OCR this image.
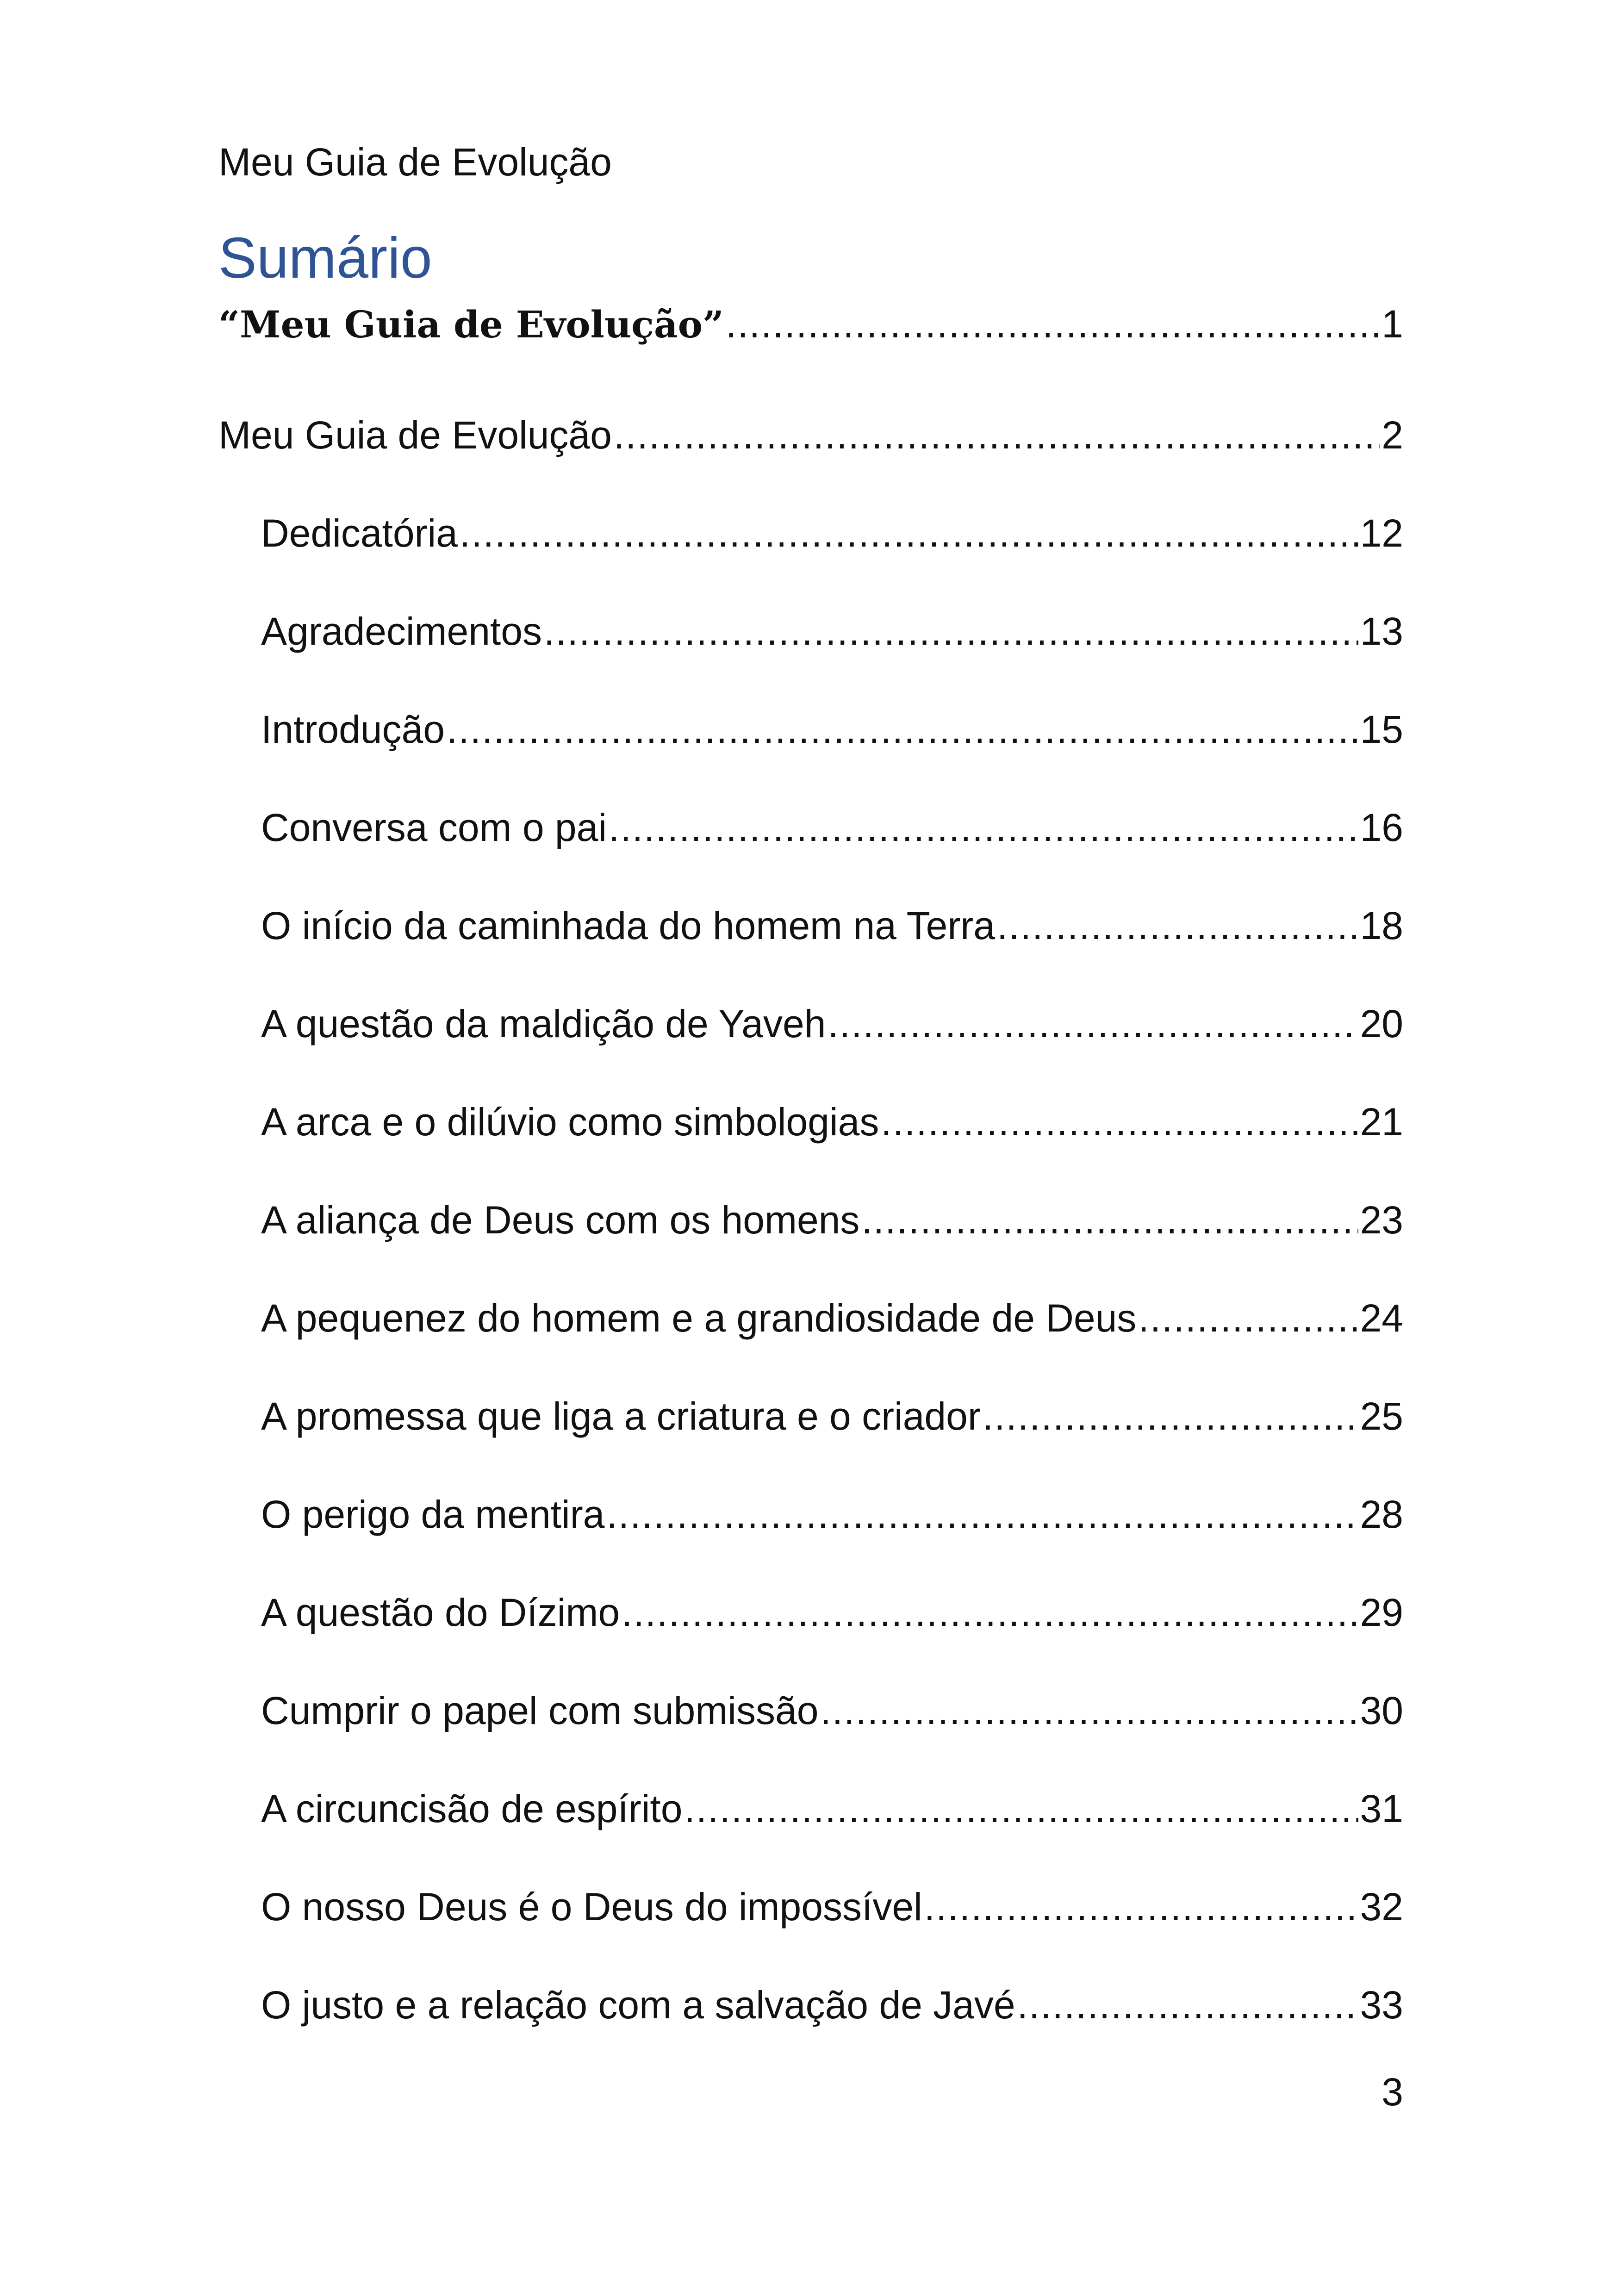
Meu Guia de Evolução
Sumário
“Meu Guia de Evolução” .....	1
Meu Guia de Evolução .....	2
Dedicatória .....	12
Agradecimentos .....	13
Introdução .....	15
Conversa com o pai .....	16
O início da caminhada do homem na Terra .....	18
A questão da maldição de Yaveh .....	20
A arca e o dilúvio como simbologias .....	21
A aliança de Deus com os homens .....	23
A pequenez do homem e a grandiosidade de Deus .....	24
A promessa que liga a criatura e o criador .....	25
O perigo da mentira .....	28
A questão do Dízimo .....	29
Cumprir o papel com submissão .....	30
A circuncisão de espírito .....	31
O nosso Deus é o Deus do impossível .....	32
O justo e a relação com a salvação de Javé .....	33
3
